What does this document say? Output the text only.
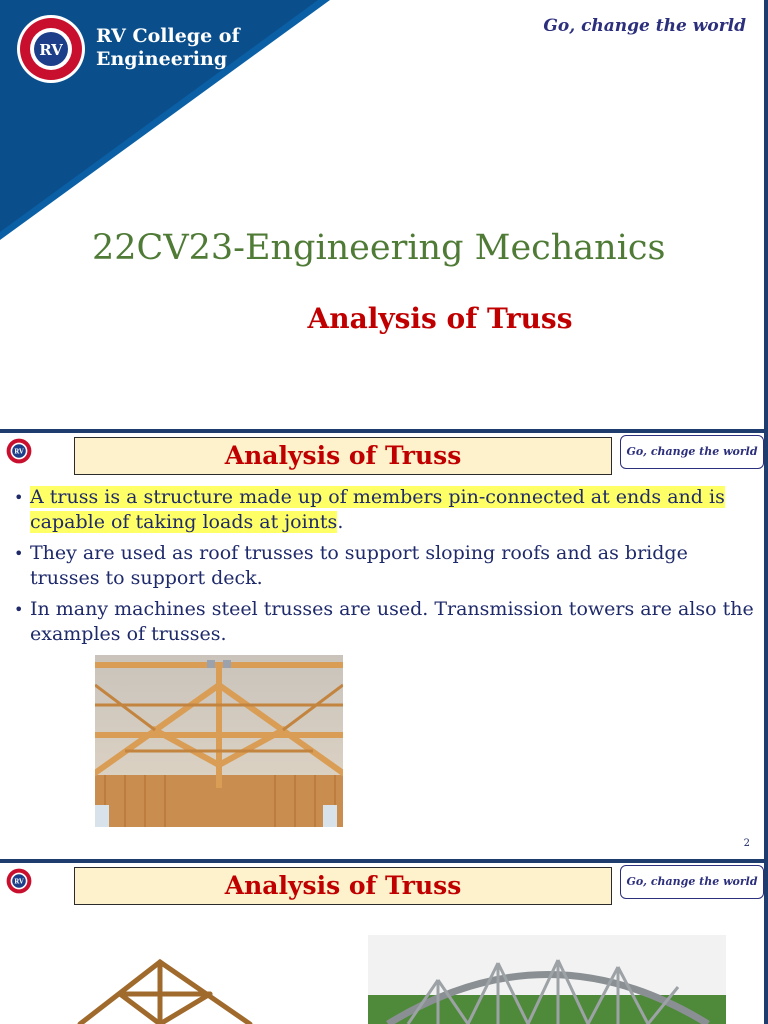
RV
RV College of
Engineering
Go, change the world
22CV23-Engineering Mechanics
Analysis of Truss
RV	Analysis of Truss	Go, change the world
• A truss is a structure made up of members pin-connected at ends and is capable of taking loads at joints.
• They are used as roof trusses to support sloping roofs and as bridge trusses to support deck.
• In many machines steel trusses are used. Transmission towers are also the examples of trusses.
2
RV	Analysis of Truss	Go, change the world
